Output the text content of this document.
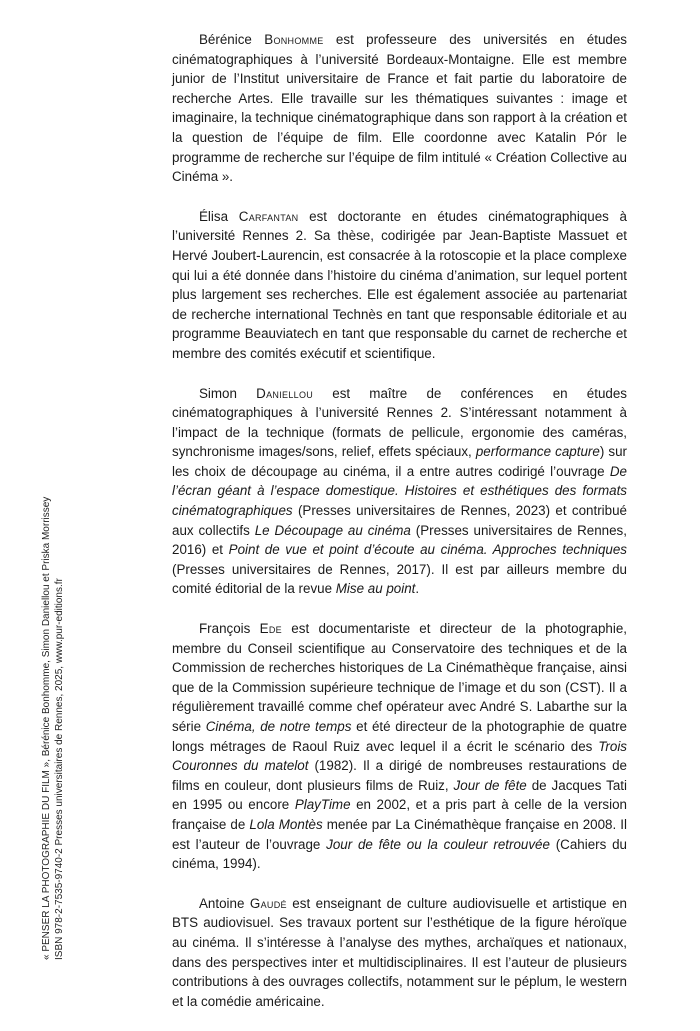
Bérénice Bonhomme est professeure des universités en études cinématographiques à l’université Bordeaux-Montaigne. Elle est membre junior de l’Institut universitaire de France et fait partie du laboratoire de recherche Artes. Elle travaille sur les thématiques suivantes : image et imaginaire, la technique cinématographique dans son rapport à la création et la question de l’équipe de film. Elle coordonne avec Katalin Pór le programme de recherche sur l’équipe de film intitulé « Création Collective au Cinéma ».

Élisa Carfantan est doctorante en études cinématographiques à l’université Rennes 2. Sa thèse, codirigée par Jean-Baptiste Massuet et Hervé Joubert-Laurencin, est consacrée à la rotoscopie et la place complexe qui lui a été donnée dans l’histoire du cinéma d’animation, sur lequel portent plus largement ses recherches. Elle est également associée au partenariat de recherche international Technès en tant que responsable éditoriale et au programme Beauviatech en tant que responsable du carnet de recherche et membre des comités exécutif et scientifique.

Simon Daniellou est maître de conférences en études cinématographiques à l’université Rennes 2. S’intéressant notamment à l’impact de la technique (formats de pellicule, ergonomie des caméras, synchronisme images/sons, relief, effets spéciaux, performance capture) sur les choix de découpage au cinéma, il a entre autres codirigé l’ouvrage De l’écran géant à l’espace domestique. Histoires et esthétiques des formats cinématographiques (Presses universitaires de Rennes, 2023) et contribué aux collectifs Le Découpage au cinéma (Presses universitaires de Rennes, 2016) et Point de vue et point d’écoute au cinéma. Approches techniques (Presses universitaires de Rennes, 2017). Il est par ailleurs membre du comité éditorial de la revue Mise au point.

François Ede est documentariste et directeur de la photographie, membre du Conseil scientifique au Conservatoire des techniques et de la Commission de recherches historiques de La Cinémathèque française, ainsi que de la Commission supérieure technique de l’image et du son (CST). Il a régulièrement travaillé comme chef opérateur avec André S. Labarthe sur la série Cinéma, de notre temps et été directeur de la photographie de quatre longs métrages de Raoul Ruiz avec lequel il a écrit le scénario des Trois Couronnes du matelot (1982). Il a dirigé de nombreuses restaurations de films en couleur, dont plusieurs films de Ruiz, Jour de fête de Jacques Tati en 1995 ou encore PlayTime en 2002, et a pris part à celle de la version française de Lola Montès menée par La Cinémathèque française en 2008. Il est l’auteur de l’ouvrage Jour de fête ou la couleur retrouvée (Cahiers du cinéma, 1994).

Antoine Gaudé est enseignant de culture audiovisuelle et artistique en BTS audiovisuel. Ses travaux portent sur l’esthétique de la figure héroïque au cinéma. Il s’intéresse à l’analyse des mythes, archaïques et nationaux, dans des perspectives inter et multidisciplinaires. Il est l’auteur de plusieurs contributions à des ouvrages collectifs, notamment sur le péplum, le western et la comédie américaine.

« PENSER LA PHOTOGRAPHIE DU FILM », Bérénice Bonhomme, Simon Daniellou et Priska Morrissey ISBN 978-2-7535-9740-2 Presses universitaires de Rennes, 2025, www.pur-editions.fr
